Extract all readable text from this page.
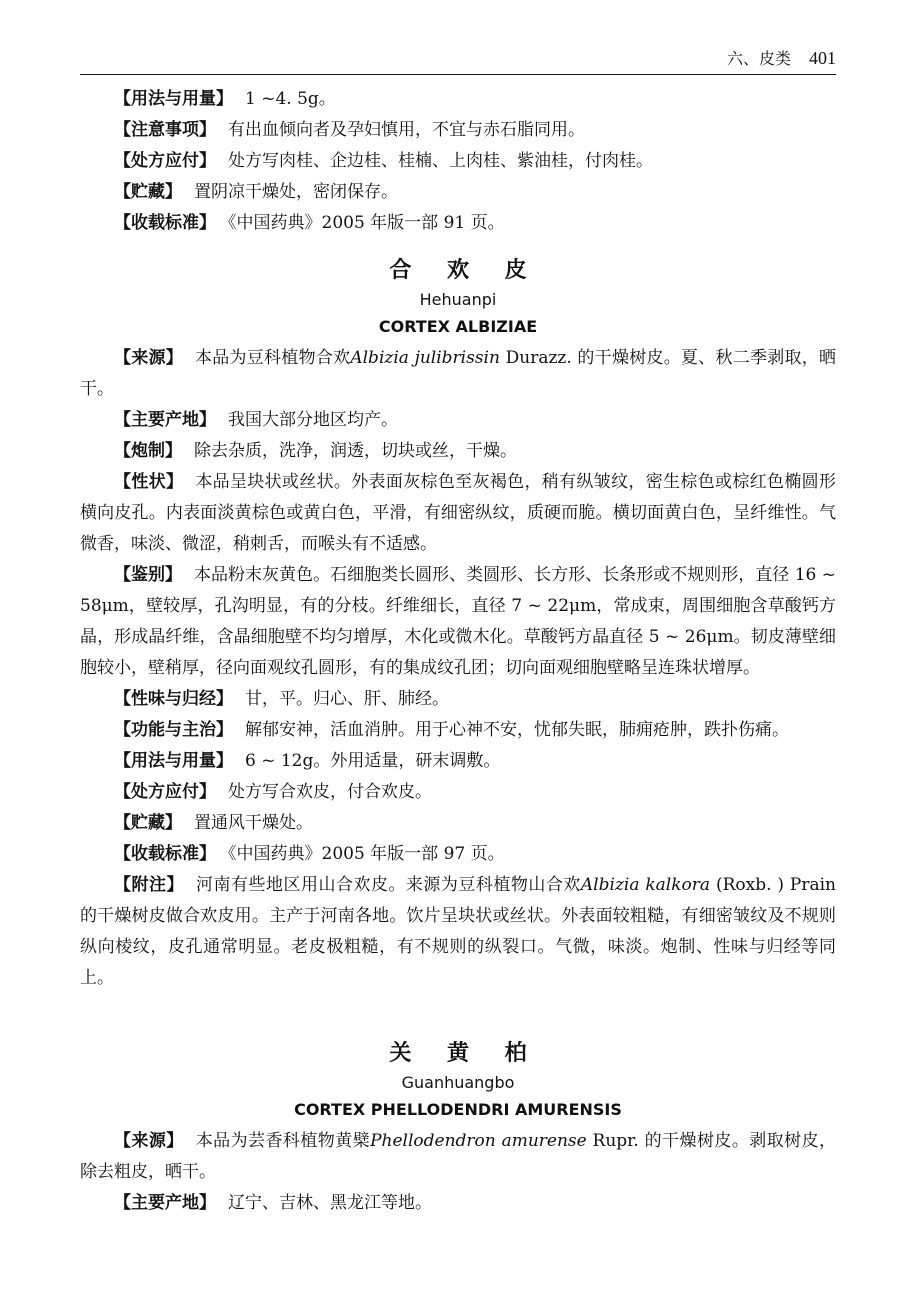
六、皮类 401

【用法与用量】 1 ~4. 5g。

【注意事项】 有出血倾向者及孕妇慎用，不宜与赤石脂同用。

【处方应付】 处方写肉桂、企边桂、桂楠、上肉桂、紫油桂，付肉桂。

【贮藏】 置阴凉干燥处，密闭保存。

【收载标准】 《中国药典》2005 年版一部 91 页。

合 欢 皮
Hehuanpi
CORTEX ALBIZIAE

【来源】 本品为豆科植物合欢Albizia julibrissin Durazz. 的干燥树皮。夏、秋二季剥取，晒干。

【主要产地】 我国大部分地区均产。

【炮制】 除去杂质，洗净，润透，切块或丝，干燥。

【性状】 本品呈块状或丝状。外表面灰棕色至灰褐色，稍有纵皱纹，密生棕色或棕红色椭圆形横向皮孔。内表面淡黄棕色或黄白色，平滑，有细密纵纹，质硬而脆。横切面黄白色，呈纤维性。气微香，味淡、微涩，稍刺舌，而喉头有不适感。

【鉴别】 本品粉末灰黄色。石细胞类长圆形、类圆形、长方形、长条形或不规则形，直径 16 ~ 58μm，壁较厚，孔沟明显，有的分枝。纤维细长，直径 7 ~ 22μm，常成束，周围细胞含草酸钙方晶，形成晶纤维，含晶细胞壁不均匀增厚，木化或微木化。草酸钙方晶直径 5 ~ 26μm。韧皮薄壁细胞较小，壁稍厚，径向面观纹孔圆形，有的集成纹孔团；切向面观细胞壁略呈连珠状增厚。

【性味与归经】 甘，平。归心、肝、肺经。

【功能与主治】 解郁安神，活血消肿。用于心神不安，忧郁失眠，肺痈疮肿，跌扑伤痛。

【用法与用量】 6 ~ 12g。外用适量，研末调敷。

【处方应付】 处方写合欢皮，付合欢皮。

【贮藏】 置通风干燥处。

【收载标准】 《中国药典》2005 年版一部 97 页。

【附注】 河南有些地区用山合欢皮。来源为豆科植物山合欢Albizia kalkora (Roxb. ) Prain 的干燥树皮做合欢皮用。主产于河南各地。饮片呈块状或丝状。外表面较粗糙，有细密皱纹及不规则纵向棱纹，皮孔通常明显。老皮极粗糙，有不规则的纵裂口。气微，味淡。炮制、性味与归经等同上。

关 黄 柏
Guanhuangbo
CORTEX PHELLODENDRI AMURENSIS

【来源】 本品为芸香科植物黄檗Phellodendron amurense Rupr. 的干燥树皮。剥取树皮，除去粗皮，晒干。

【主要产地】 辽宁、吉林、黑龙江等地。
